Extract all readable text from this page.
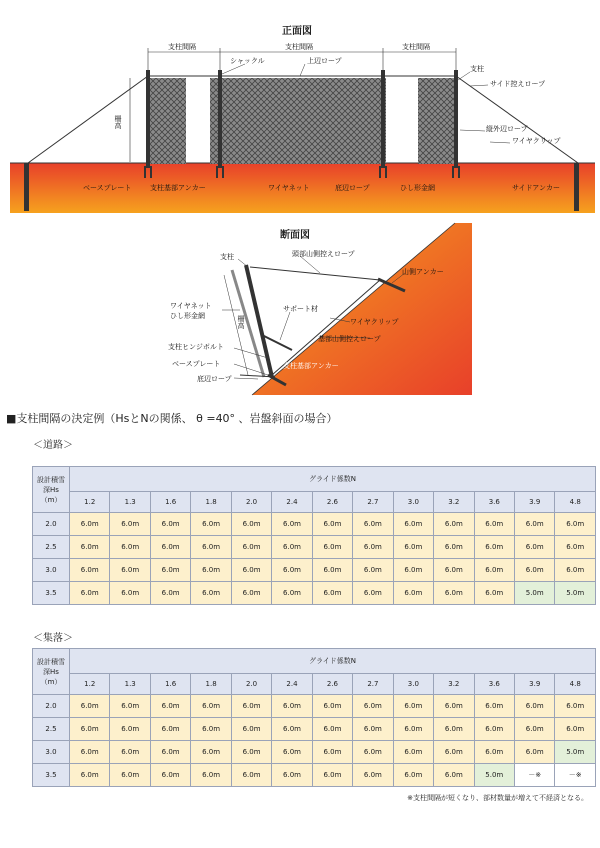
正面図
支柱間隔	支柱間隔	支柱間隔
シャックル	上辺ロープ
支柱
サイド控えロープ
柵高	縦外辺ロープ
ワイヤクリップ
ベースプレート	支柱基部アンカー	ワイヤネット	底辺ロープ	ひし形金網	サイドアンカー
断面図
支柱	頭部山側控えロープ
山側アンカー
ワイヤネット
ひし形金網
サポート材
柵高	ワイヤクリップ
基部山側控えロープ
支柱ヒンジボルト
ベースプレート	支柱基部アンカー
底辺ロープ
■支柱間隔の決定例（HsとNの関係、 θ =40° 、岩盤斜面の場合）
＜道路＞
設計積雪
深Hs
（m）	グライド係数N												
	1.2	1.3	1.6	1.8	2.0	2.4	2.6	2.7	3.0	3.2	3.6	3.9	4.8
2.0	6.0m	6.0m	6.0m	6.0m	6.0m	6.0m	6.0m	6.0m	6.0m	6.0m	6.0m	6.0m	6.0m
2.5	6.0m	6.0m	6.0m	6.0m	6.0m	6.0m	6.0m	6.0m	6.0m	6.0m	6.0m	6.0m	6.0m
3.0	6.0m	6.0m	6.0m	6.0m	6.0m	6.0m	6.0m	6.0m	6.0m	6.0m	6.0m	6.0m	6.0m
3.5	6.0m	6.0m	6.0m	6.0m	6.0m	6.0m	6.0m	6.0m	6.0m	6.0m	6.0m	5.0m	5.0m
＜集落＞
設計積雪
深Hs
（m）	グライド係数N												
	1.2	1.3	1.6	1.8	2.0	2.4	2.6	2.7	3.0	3.2	3.6	3.9	4.8
2.0	6.0m	6.0m	6.0m	6.0m	6.0m	6.0m	6.0m	6.0m	6.0m	6.0m	6.0m	6.0m	6.0m
2.5	6.0m	6.0m	6.0m	6.0m	6.0m	6.0m	6.0m	6.0m	6.0m	6.0m	6.0m	6.0m	6.0m
3.0	6.0m	6.0m	6.0m	6.0m	6.0m	6.0m	6.0m	6.0m	6.0m	6.0m	6.0m	6.0m	5.0m
3.5	6.0m	6.0m	6.0m	6.0m	6.0m	6.0m	6.0m	6.0m	6.0m	6.0m	5.0m	－※	－※
※支柱間隔が短くなり、部材数量が増えて不経済となる。
